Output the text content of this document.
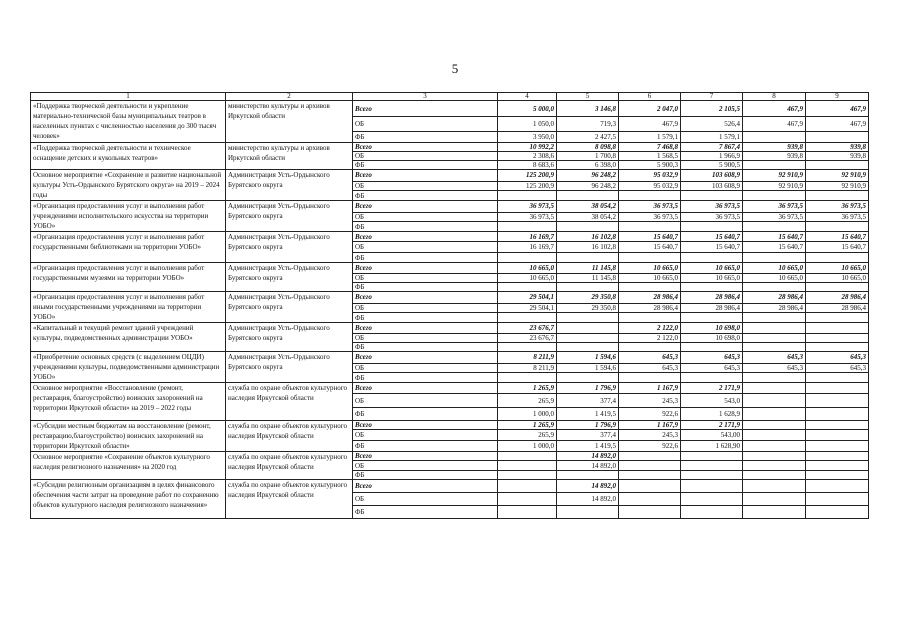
5
1	2	3	4	5	6	7	8	9
«Поддержка творческой деятельности и укрепление материально-технической базы муниципальных театров в населенных пунктах с численностью населения до 300 тысяч человек»	министерство культуры и архивов Иркутской области	Всего	5 000,0	3 146,8	2 047,0	2 105,5	467,9	467,9
		ОБ	1 050,0	719,3	467,9	526,4	467,9	467,9
		ФБ	3 950,0	2 427,5	1 579,1	1 579,1		
«Поддержка творческой деятельности и техническое оснащение детских и кукольных театров»	министерство культуры и архивов Иркутской области	Всего	10 992,2	8 098,8	7 468,8	7 867,4	939,8	939,8
		ОБ	2 308,6	1 700,8	1 568,5	1 966,9	939,8	939,8
		ФБ	8 683,6	6 398,0	5 900,3	5 900,5		
Основное мероприятие «Сохранение и развитие национальной культуры Усть-Ордынского Бурятского округа» на 2019 – 2024 годы	Администрация Усть-Ордынского Бурятского округа	Всего	125 200,9	96 248,2	95 032,9	103 608,9	92 910,9	92 910,9
		ОБ	125 200,9	96 248,2	95 032,9	103 608,9	92 910,9	92 910,9
		ФБ						
«Организация предоставления услуг и выполнения работ учреждениями исполнительского искусства на территории УОБО»	Администрация Усть-Ордынского Бурятского округа	Всего	36 973,5	38 054,2	36 973,5	36 973,5	36 973,5	36 973,5
		ОБ	36 973,5	38 054,2	36 973,5	36 973,5	36 973,5	36 973,5
		ФБ						
«Организация предоставления услуг и выполнения работ государственными библиотеками на территории УОБО»	Администрация Усть-Ордынского Бурятского округа	Всего	16 169,7	16 102,8	15 640,7	15 640,7	15 640,7	15 640,7
		ОБ	16 169,7	16 102,8	15 640,7	15 640,7	15 640,7	15 640,7
		ФБ						
«Организация предоставления услуг и выполнения работ государственными музеями на территории УОБО»	Администрация Усть-Ордынского Бурятского округа	Всего	10 665,0	11 145,8	10 665,0	10 665,0	10 665,0	10 665,0
		ОБ	10 665,0	11 145,8	10 665,0	10 665,0	10 665,0	10 665,0
		ФБ						
«Организация предоставления услуг и выполнения работ иными государственными учреждениями на территории УОБО»	Администрация Усть-Ордынского Бурятского округа	Всего	29 504,1	29 350,8	28 986,4	28 986,4	28 986,4	28 986,4
		ОБ	29 504,1	29 350,8	28 986,4	28 986,4	28 986,4	28 986,4
		ФБ						
«Капитальный и текущий ремонт зданий учреждений культуры, подведомственных администрации УОБО»	Администрация Усть-Ордынского Бурятского округа	Всего	23 676,7		2 122,0	10 698,0		
		ОБ	23 676,7		2 122,0	10 698,0		
		ФБ						
«Приобретение основных средств (с выделением ОЦДИ) учреждениями культуры, подведомственными администрации УОБО»	Администрация Усть-Ордынского Бурятского округа	Всего	8 211,9	1 594,6	645,3	645,3	645,3	645,3
		ОБ	8 211,9	1 594,6	645,3	645,3	645,3	645,3
		ФБ						
Основное мероприятие «Восстановление (ремонт, реставрация, благоустройство) воинских захоронений на территории Иркутской области» на 2019 – 2022 годы	служба по охране объектов культурного наследия Иркутской области	Всего	1 265,9	1 796,9	1 167,9	2 171,9		
		ОБ	265,9	377,4	245,3	543,0		
		ФБ	1 000,0	1 419,5	922,6	1 628,9		
«Субсидии местным бюджетам на восстановление (ремонт, реставрацию,благоустройство) воинских захоронений на территории Иркутской области»	служба по охране объектов культурного наследия Иркутской области	Всего	1 265,9	1 796,9	1 167,9	2 171,9		
		ОБ	265,9	377,4	245,3	543,00		
		ФБ	1 000,0	1 419,5	922,6	1 628,90		
Основное мероприятие «Сохранение объектов культурного наследия религиозного назначения» на 2020 год	служба по охране объектов культурного наследия Иркутской области	Всего		14 892,0				
		ОБ		14 892,0				
		ФБ						
«Субсидии религиозным организациям в целях финансового обеспечения части затрат на проведение работ по сохранению объектов культурного наследия религиозного назначения»	служба по охране объектов культурного наследия Иркутской области	Всего		14 892,0				
		ОБ		14 892,0				
		ФБ						
